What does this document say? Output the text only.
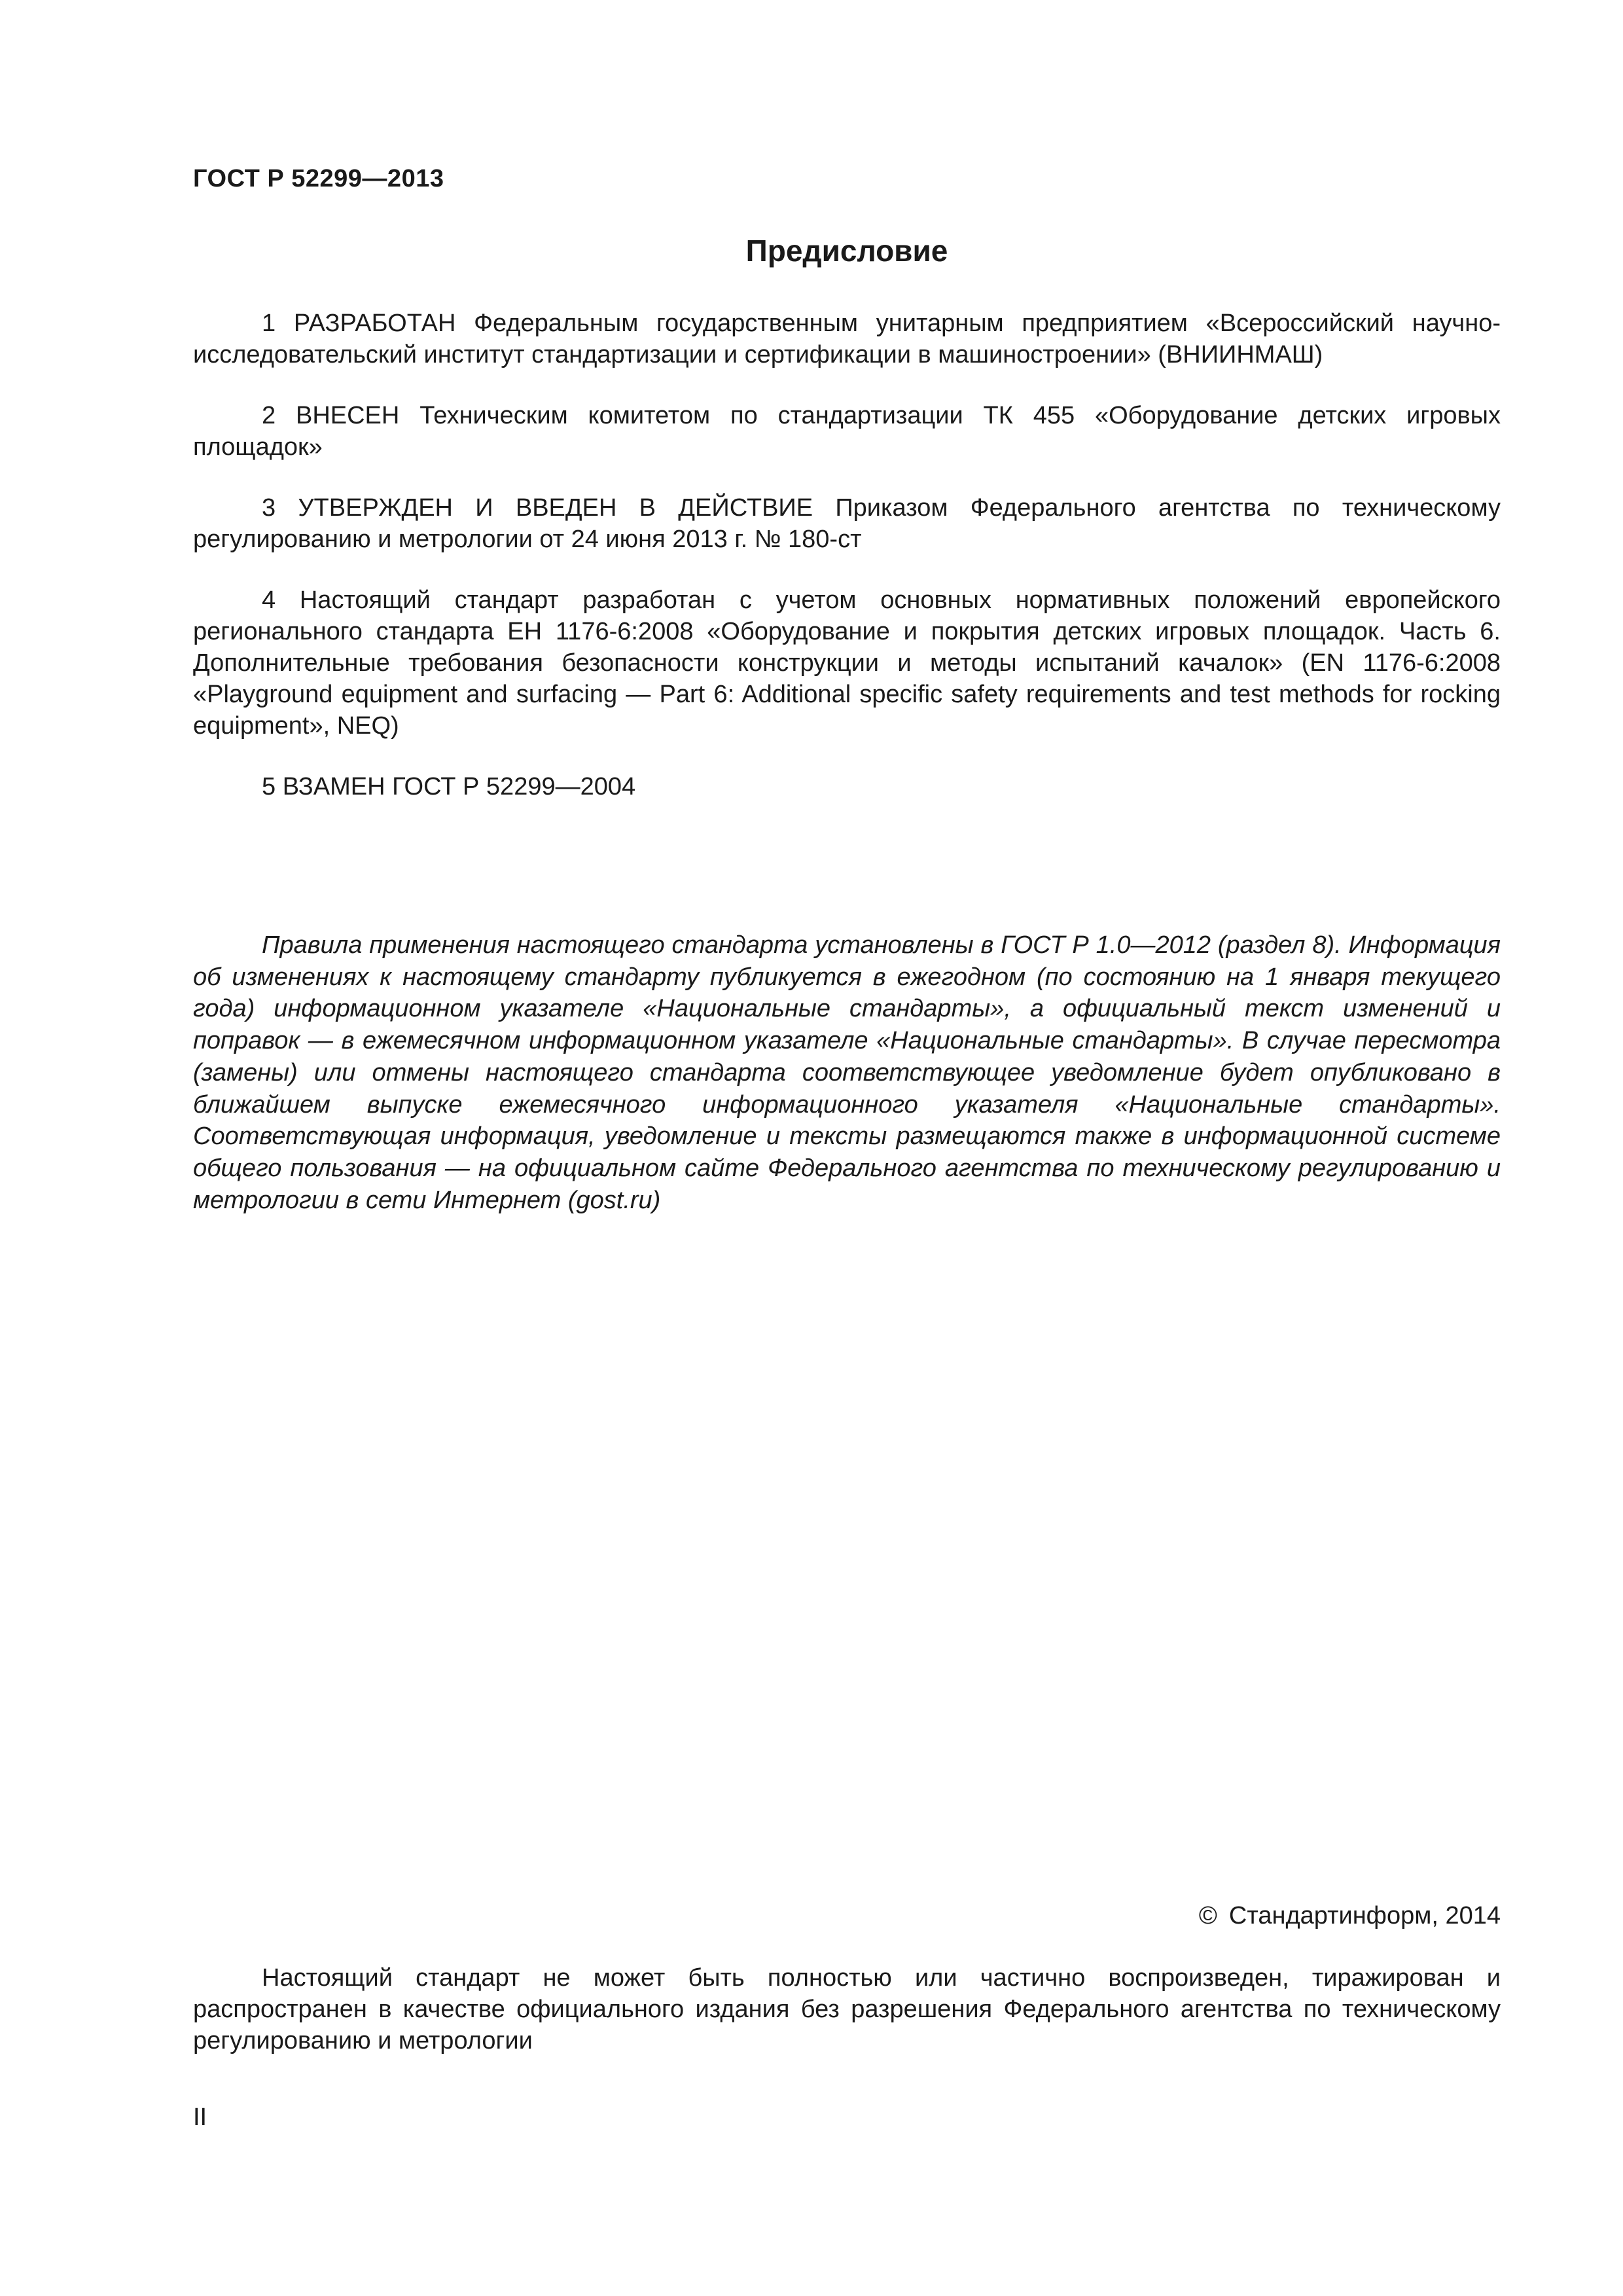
ГОСТ Р 52299—2013
Предисловие

1 РАЗРАБОТАН Федеральным государственным унитарным предприятием «Всероссийский научно-исследовательский институт стандартизации и сертификации в машиностроении» (ВНИИНМАШ)

2 ВНЕСЕН Техническим комитетом по стандартизации ТК 455 «Оборудование детских игровых площадок»

3 УТВЕРЖДЕН И ВВЕДЕН В ДЕЙСТВИЕ Приказом Федерального агентства по техническому регулированию и метрологии от 24 июня 2013 г. № 180-ст

4 Настоящий стандарт разработан с учетом основных нормативных положений европейского регионального стандарта ЕН 1176-6:2008 «Оборудование и покрытия детских игровых площадок. Часть 6. Дополнительные требования безопасности конструкции и методы испытаний качалок» (EN 1176-6:2008 «Playground equipment and surfacing — Part 6: Additional specific safety requirements and test methods for rocking equipment», NEQ)

5 ВЗАМЕН ГОСТ Р 52299—2004

Правила применения настоящего стандарта установлены в ГОСТ Р 1.0—2012 (раздел 8). Информация об изменениях к настоящему стандарту публикуется в ежегодном (по состоянию на 1 января текущего года) информационном указателе «Национальные стандарты», а официальный текст изменений и поправок — в ежемесячном информационном указателе «Национальные стандарты». В случае пересмотра (замены) или отмены настоящего стандарта соответствующее уведомление будет опубликовано в ближайшем выпуске ежемесячного информационного указателя «Национальные стандарты». Соответствующая информация, уведомление и тексты размещаются также в информационной системе общего пользования — на официальном сайте Федерального агентства по техническому регулированию и метрологии в сети Интернет (gost.ru)

© Стандартинформ, 2014

Настоящий стандарт не может быть полностью или частично воспроизведен, тиражирован и распространен в качестве официального издания без разрешения Федерального агентства по техническому регулированию и метрологии

II
